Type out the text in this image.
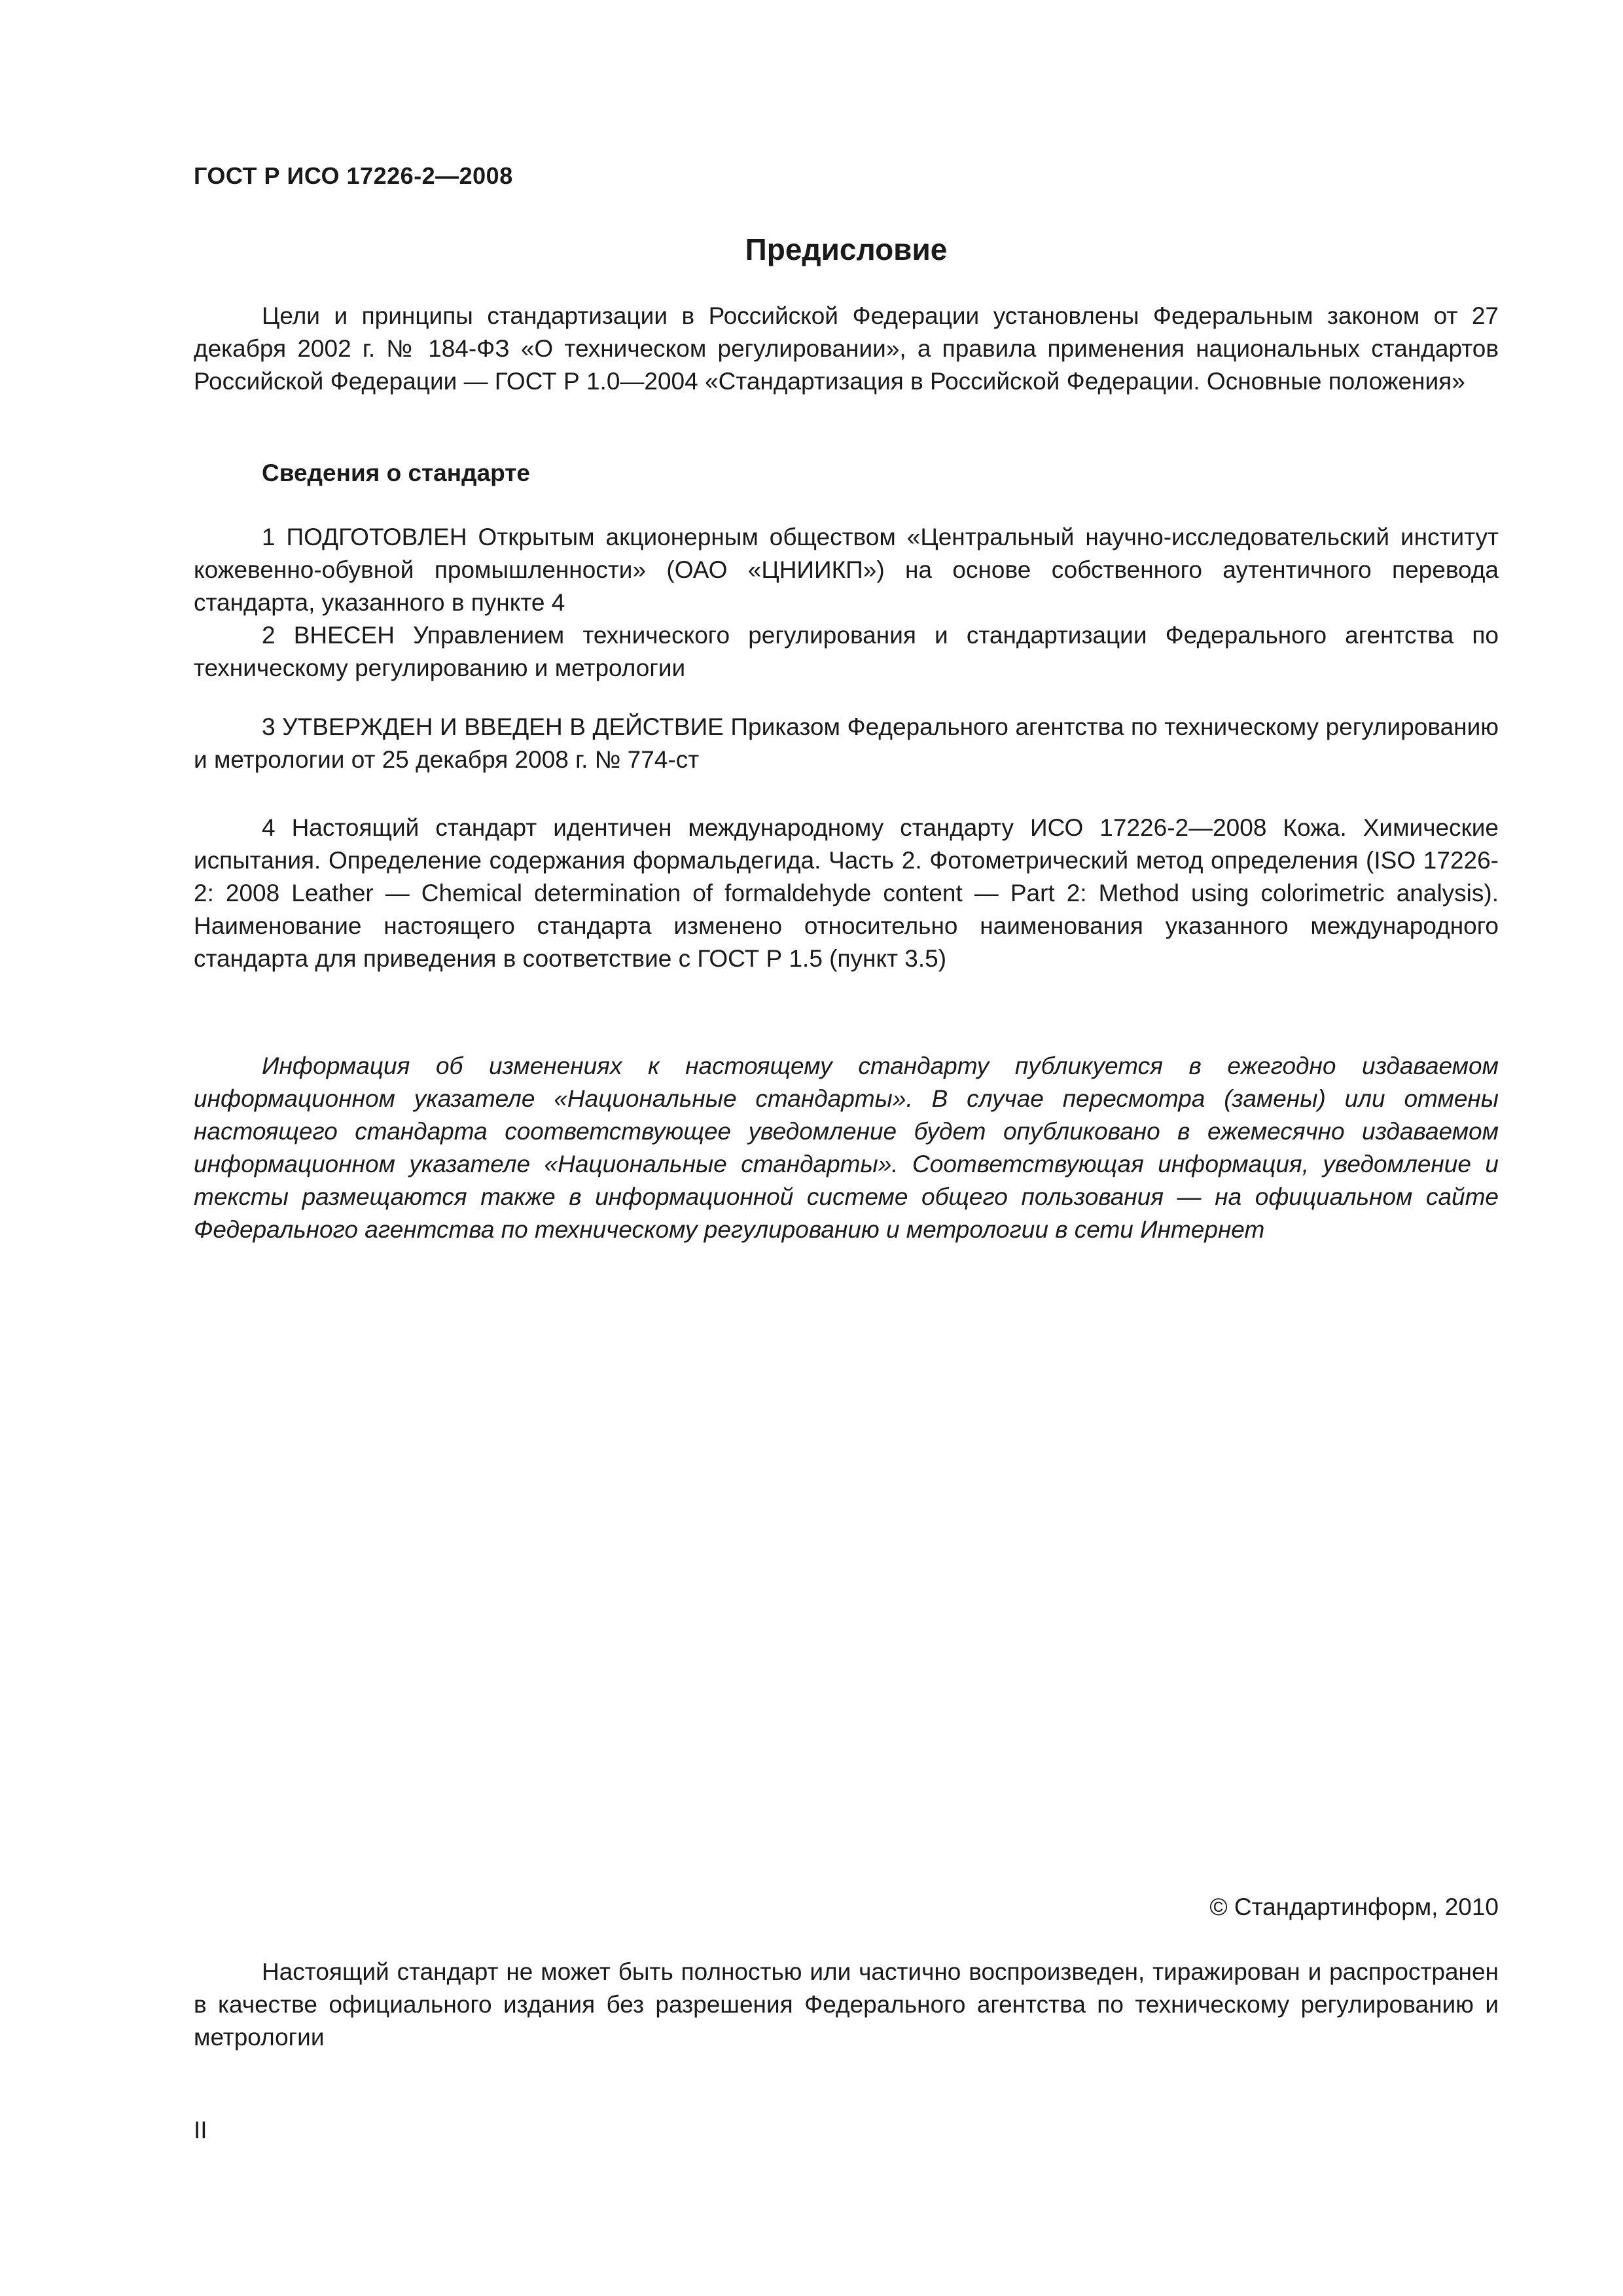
ГОСТ Р ИСО 17226-2—2008
Предисловие

Цели и принципы стандартизации в Российской Федерации установлены Федеральным законом от 27 декабря 2002 г. № 184-ФЗ «О техническом регулировании», а правила применения национальных стандартов Российской Федерации — ГОСТ Р 1.0—2004 «Стандартизация в Российской Федерации. Основные положения»

Сведения о стандарте

1 ПОДГОТОВЛЕН Открытым акционерным обществом «Центральный научно-исследовательский институт кожевенно-обувной промышленности» (ОАО «ЦНИИКП») на основе собственного аутентичного перевода стандарта, указанного в пункте 4

2 ВНЕСЕН Управлением технического регулирования и стандартизации Федерального агентства по техническому регулированию и метрологии

3 УТВЕРЖДЕН И ВВЕДЕН В ДЕЙСТВИЕ Приказом Федерального агентства по техническому регулированию и метрологии от 25 декабря 2008 г. № 774-ст

4 Настоящий стандарт идентичен международному стандарту ИСО 17226-2—2008 Кожа. Химические испытания. Определение содержания формальдегида. Часть 2. Фотометрический метод определения (ISO 17226-2: 2008 Leather — Chemical determination of formaldehyde content — Part 2: Method using colorimetric analysis). Наименование настоящего стандарта изменено относительно наименования указанного международного стандарта для приведения в соответствие с ГОСТ Р 1.5 (пункт 3.5)

Информация об изменениях к настоящему стандарту публикуется в ежегодно издаваемом информационном указателе «Национальные стандарты». В случае пересмотра (замены) или отмены настоящего стандарта соответствующее уведомление будет опубликовано в ежемесячно издаваемом информационном указателе «Национальные стандарты». Соответствующая информация, уведомление и тексты размещаются также в информационной системе общего пользования — на официальном сайте Федерального агентства по техническому регулированию и метрологии в сети Интернет

© Стандартинформ, 2010

Настоящий стандарт не может быть полностью или частично воспроизведен, тиражирован и распространен в качестве официального издания без разрешения Федерального агентства по техническому регулированию и метрологии

II
